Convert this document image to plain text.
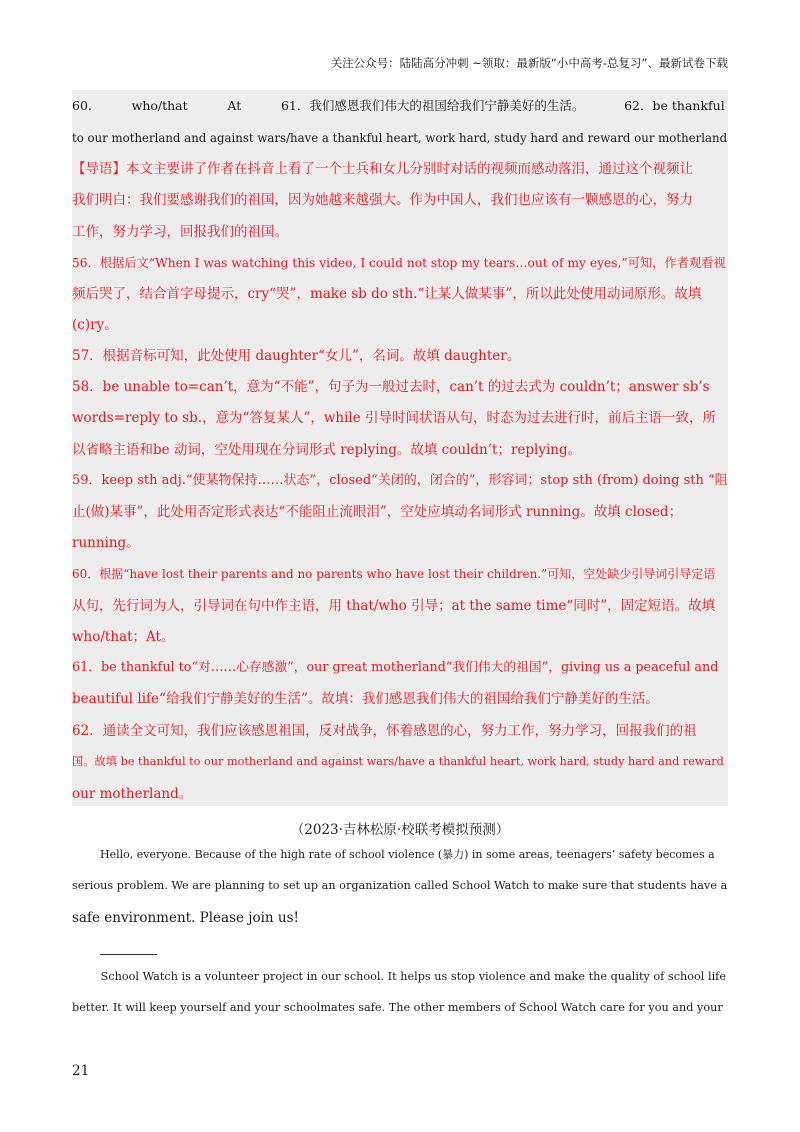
关注公众号：陆陆高分冲刺 ~领取：最新版“小中高考-总复习”、最新试卷下载
60.          who/that          At          61．我们感恩我们伟大的祖国给我们宁静美好的生活。          62．be thankful
to our motherland and against wars/have a thankful heart, work hard, study hard and reward our motherland
【导语】本文主要讲了作者在抖音上看了一个士兵和女儿分别时对话的视频而感动落泪，通过这个视频让
我们明白：我们要感谢我们的祖国，因为她越来越强大。作为中国人，我们也应该有一颗感恩的心，努力
工作，努力学习，回报我们的祖国。
56．根据后文“When I was watching this video, I could not stop my tears…out of my eyes,”可知，作者观看视
频后哭了，结合首字母提示，cry“哭”，make sb do sth.“让某人做某事”，所以此处使用动词原形。故填
(c)ry。
57．根据音标可知，此处使用 daughter“女儿”，名词。故填 daughter。
58．be unable to=can’t，意为“不能”，句子为一般过去时，can’t 的过去式为 couldn’t；answer sb’s
words=reply to sb.，意为“答复某人”，while 引导时间状语从句，时态为过去进行时，前后主语一致，所
以省略主语和be 动词，空处用现在分词形式 replying。故填 couldn’t；replying。
59．keep sth adj.“使某物保持……状态”，closed“关闭的，闭合的”，形容词；stop sth (from) doing sth “阻
止(做)某事”，此处用否定形式表达“不能阻止流眼泪”，空处应填动名词形式 running。故填 closed；
running。
60．根据“have lost their parents and no parents who have lost their children.”可知，空处缺少引导词引导定语
从句，先行词为人，引导词在句中作主语，用 that/who 引导；at the same time“同时”，固定短语。故填
who/that；At。
61．be thankful to“对……心存感激”，our great motherland“我们伟大的祖国”，giving us a peaceful and
beautiful life“给我们宁静美好的生活”。故填：我们感恩我们伟大的祖国给我们宁静美好的生活。
62．通读全文可知，我们应该感恩祖国，反对战争，怀着感恩的心，努力工作，努力学习，回报我们的祖
国。故填 be thankful to our motherland and against wars/have a thankful heart, work hard, study hard and reward
our motherland。
（2023·吉林松原·校联考模拟预测）
Hello, everyone. Because of the high rate of school violence (暴力) in some areas, teenagers’ safety becomes a
serious problem. We are planning to set up an organization called School Watch to make sure that students have a
safe environment. Please join us!
School Watch is a volunteer project in our school. It helps us stop violence and make the quality of school life
better. It will keep yourself and your schoolmates safe. The other members of School Watch care for you and your
21
